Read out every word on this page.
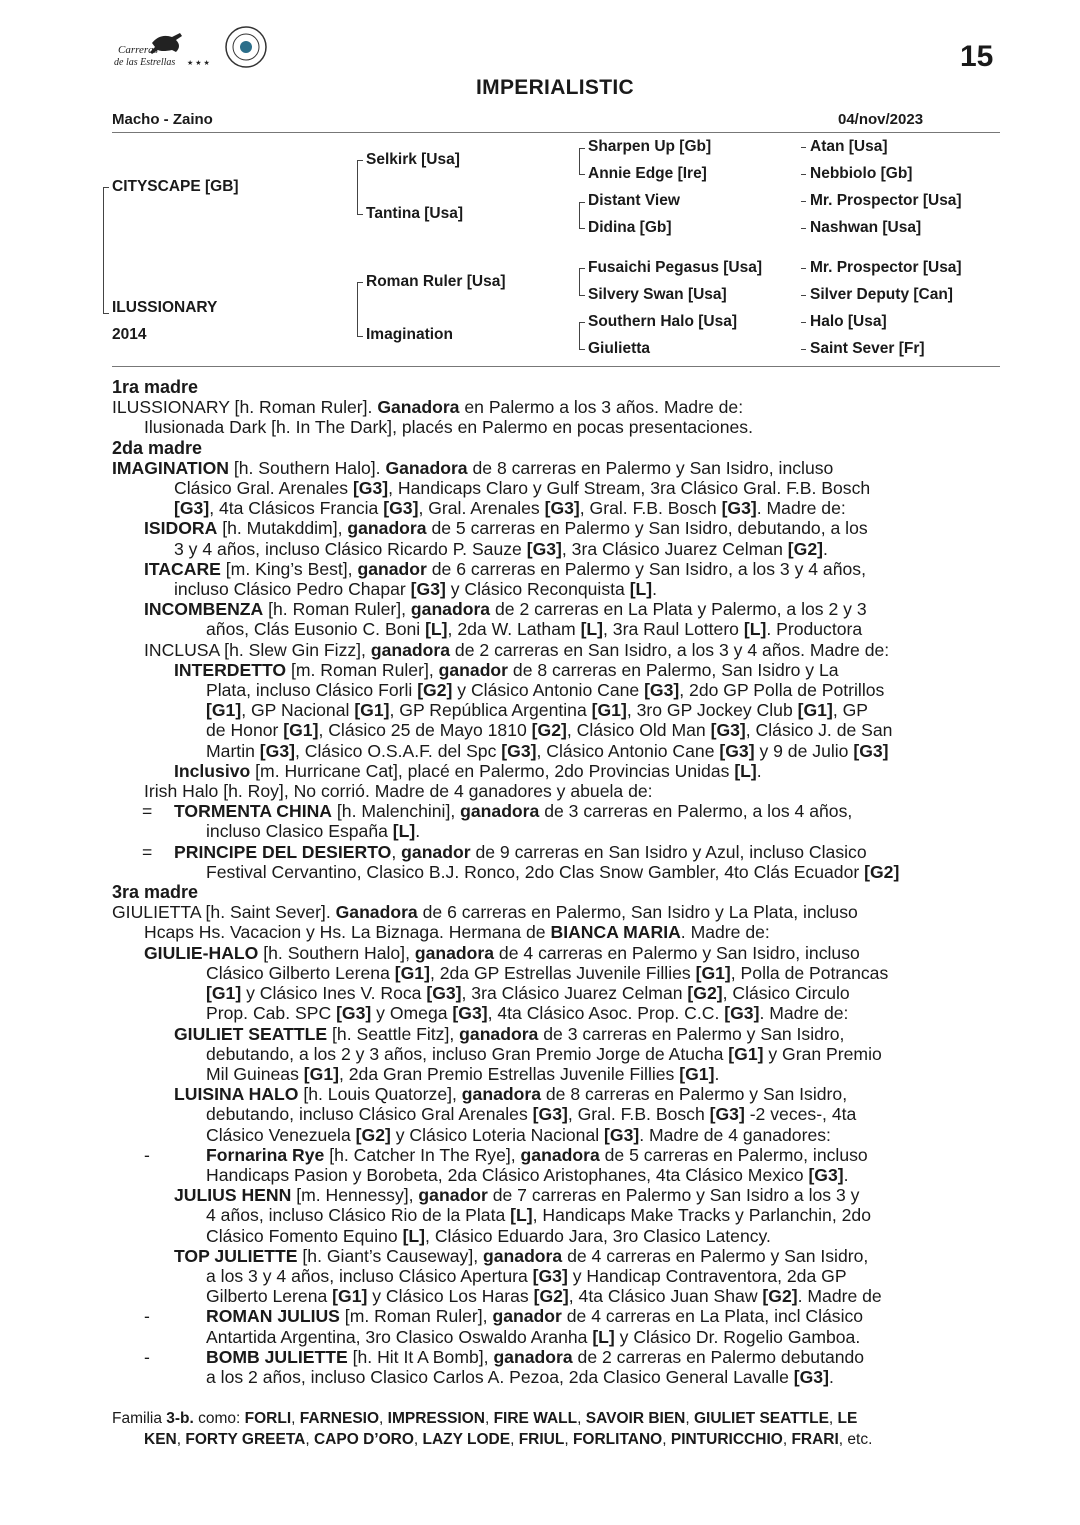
Carreras
de las Estrellas ★ ★ ★	15
IMPERIALISTIC
Macho - Zaino	04/nov/2023
CITYSCAPE [GB]
ILUSSIONARY
2014
Selkirk [Usa]
Tantina [Usa]
Roman Ruler [Usa]
Imagination
Sharpen Up [Gb]
Annie Edge [Ire]
Distant View
Didina [Gb]
Fusaichi Pegasus [Usa]
Silvery Swan [Usa]
Southern Halo [Usa]
Giulietta
Atan [Usa]
Nebbiolo [Gb]
Mr. Prospector [Usa]
Nashwan [Usa]
Mr. Prospector [Usa]
Silver Deputy [Can]
Halo [Usa]
Saint Sever [Fr]
1ra madre
ILUSSIONARY [h. Roman Ruler]. Ganadora en Palermo a los 3 años. Madre de:
Ilusionada Dark [h. In The Dark], placés en Palermo en pocas presentaciones.
2da madre
IMAGINATION [h. Southern Halo]. Ganadora de 8 carreras en Palermo y San Isidro, incluso
Clásico Gral. Arenales [G3], Handicaps Claro y Gulf Stream, 3ra Clásico Gral. F.B. Bosch
[G3], 4ta Clásicos Francia [G3], Gral. Arenales [G3], Gral. F.B. Bosch [G3]. Madre de:
ISIDORA [h. Mutakddim], ganadora de 5 carreras en Palermo y San Isidro, debutando, a los
3 y 4 años, incluso Clásico Ricardo P. Sauze [G3], 3ra Clásico Juarez Celman [G2].
ITACARE [m. King’s Best], ganador de 6 carreras en Palermo y San Isidro, a los 3 y 4 años,
incluso Clásico Pedro Chapar [G3] y Clásico Reconquista [L].
INCOMBENZA [h. Roman Ruler], ganadora de 2 carreras en La Plata y Palermo, a los 2 y 3
años, Clás Eusonio C. Boni [L], 2da W. Latham [L], 3ra Raul Lottero [L]. Productora
INCLUSA [h. Slew Gin Fizz], ganadora de 2 carreras en San Isidro, a los 3 y 4 años. Madre de:
INTERDETTO [m. Roman Ruler], ganador de 8 carreras en Palermo, San Isidro y La
Plata, incluso Clásico Forli [G2] y Clásico Antonio Cane [G3], 2do GP Polla de Potrillos
[G1], GP Nacional [G1], GP República Argentina [G1], 3ro GP Jockey Club [G1], GP
de Honor [G1], Clásico 25 de Mayo 1810 [G2], Clásico Old Man [G3], Clásico J. de San
Martin [G3], Clásico O.S.A.F. del Spc [G3], Clásico Antonio Cane [G3] y 9 de Julio [G3]
Inclusivo [m. Hurricane Cat], placé en Palermo, 2do Provincias Unidas [L].
Irish Halo [h. Roy], No corrió. Madre de 4 ganadores y abuela de:
= TORMENTA CHINA [h. Malenchini], ganadora de 3 carreras en Palermo, a los 4 años,
incluso Clasico España [L].
= PRINCIPE DEL DESIERTO, ganador de 9 carreras en San Isidro y Azul, incluso Clasico
Festival Cervantino, Clasico B.J. Ronco, 2do Clas Snow Gambler, 4to Clás Ecuador [G2]
3ra madre
GIULIETTA [h. Saint Sever]. Ganadora de 6 carreras en Palermo, San Isidro y La Plata, incluso
Hcaps Hs. Vacacion y Hs. La Biznaga. Hermana de BIANCA MARIA. Madre de:
GIULIE-HALO [h. Southern Halo], ganadora de 4 carreras en Palermo y San Isidro, incluso
Clásico Gilberto Lerena [G1], 2da GP Estrellas Juvenile Fillies [G1], Polla de Potrancas
[G1] y Clásico Ines V. Roca [G3], 3ra Clásico Juarez Celman [G2], Clásico Circulo
Prop. Cab. SPC [G3] y Omega [G3], 4ta Clásico Asoc. Prop. C.C. [G3]. Madre de:
GIULIET SEATTLE [h. Seattle Fitz], ganadora de 3 carreras en Palermo y San Isidro,
debutando, a los 2 y 3 años, incluso Gran Premio Jorge de Atucha [G1] y Gran Premio
Mil Guineas [G1], 2da Gran Premio Estrellas Juvenile Fillies [G1].
LUISINA HALO [h. Louis Quatorze], ganadora de 8 carreras en Palermo y San Isidro,
debutando, incluso Clásico Gral Arenales [G3], Gral. F.B. Bosch [G3] -2 veces-, 4ta
Clásico Venezuela [G2] y Clásico Loteria Nacional [G3]. Madre de 4 ganadores:
-	Fornarina Rye [h. Catcher In The Rye], ganadora de 5 carreras en Palermo, incluso
Handicaps Pasion y Borobeta, 2da Clásico Aristophanes, 4ta Clásico Mexico [G3].
JULIUS HENN [m. Hennessy], ganador de 7 carreras en Palermo y San Isidro a los 3 y
4 años, incluso Clásico Rio de la Plata [L], Handicaps Make Tracks y Parlanchin, 2do
Clásico Fomento Equino [L], Clásico Eduardo Jara, 3ro Clasico Latency.
TOP JULIETTE [h. Giant’s Causeway], ganadora de 4 carreras en Palermo y San Isidro,
a los 3 y 4 años, incluso Clásico Apertura [G3] y Handicap Contraventora, 2da GP
Gilberto Lerena [G1] y Clásico Los Haras [G2], 4ta Clásico Juan Shaw [G2]. Madre de
-	ROMAN JULIUS [m. Roman Ruler], ganador de 4 carreras en La Plata, incl Clásico
Antartida Argentina, 3ro Clasico Oswaldo Aranha [L] y Clásico Dr. Rogelio Gamboa.
-	BOMB JULIETTE [h. Hit It A Bomb], ganadora de 2 carreras en Palermo debutando
a los 2 años, incluso Clasico Carlos A. Pezoa, 2da Clasico General Lavalle [G3].
Familia 3-b. como: FORLI, FARNESIO, IMPRESSION, FIRE WALL, SAVOIR BIEN, GIULIET SEATTLE, LE
KEN, FORTY GREETA, CAPO D’ORO, LAZY LODE, FRIUL, FORLITANO, PINTURICCHIO, FRARI, etc.
